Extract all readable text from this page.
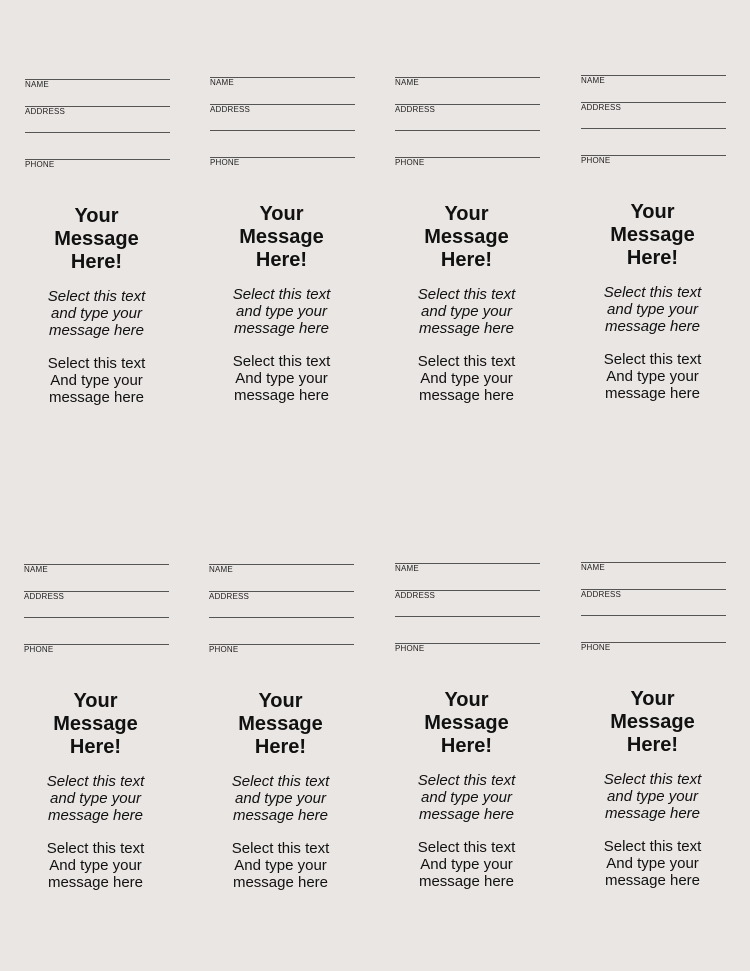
NAME
ADDRESS
PHONE
Your
Message
Here!
Select this text
and type your
message here
Select this text
And type your
message here
NAME
ADDRESS
PHONE
Your
Message
Here!
Select this text
and type your
message here
Select this text
And type your
message here
NAME
ADDRESS
PHONE
Your
Message
Here!
Select this text
and type your
message here
Select this text
And type your
message here
NAME
ADDRESS
PHONE
Your
Message
Here!
Select this text
and type your
message here
Select this text
And type your
message here
NAME
ADDRESS
PHONE
Your
Message
Here!
Select this text
and type your
message here
Select this text
And type your
message here
NAME
ADDRESS
PHONE
Your
Message
Here!
Select this text
and type your
message here
Select this text
And type your
message here
NAME
ADDRESS
PHONE
Your
Message
Here!
Select this text
and type your
message here
Select this text
And type your
message here
NAME
ADDRESS
PHONE
Your
Message
Here!
Select this text
and type your
message here
Select this text
And type your
message here
